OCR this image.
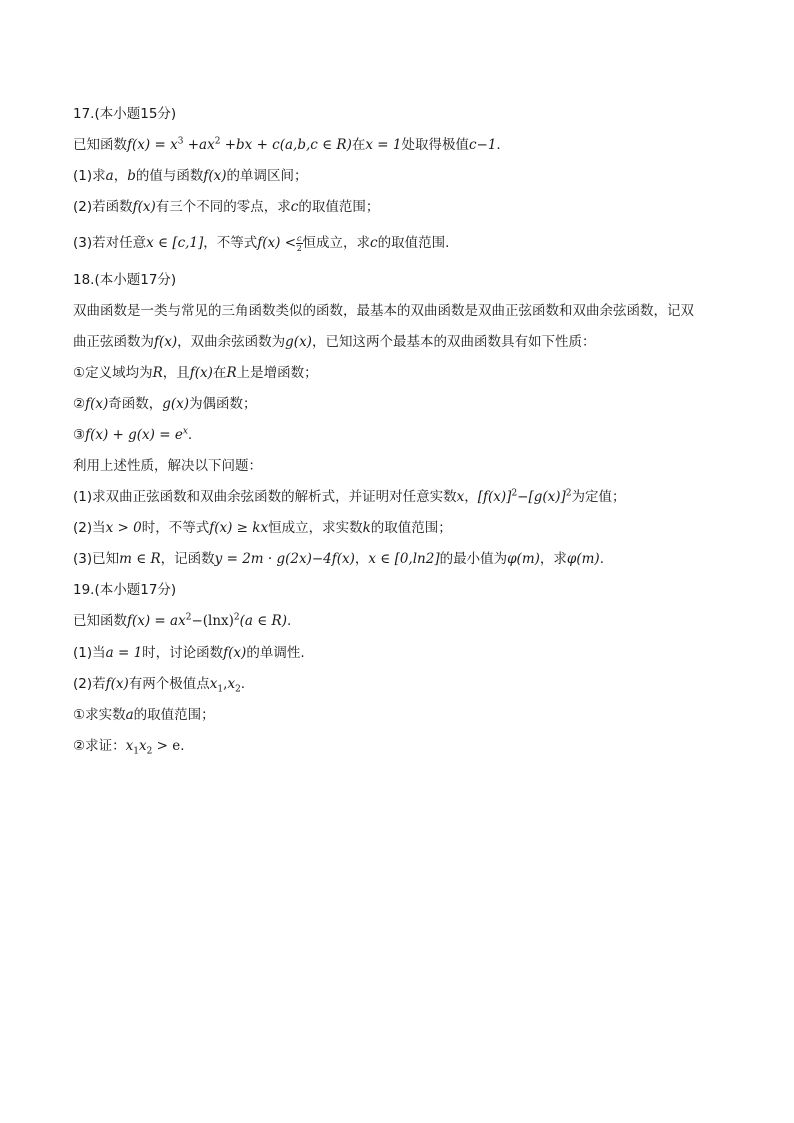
17.(本小题15分)
已知函数$f(x) = x^3 +ax^2 +bx + c(a,b,c$ ∈ R)在x = 1处取得极值c−1.
(1)求a，b的值与函数f(x)的单调区间；
(2)若函数f(x)有三个不同的零点，求c的取值范围；
(3)若对任意x ∈ [c,1]，不等式$f(x) < \frac{c}{2}$ 恒成立，求c的取值范围.
18.(本小题17分)
双曲函数是一类与常见的三角函数类似的函数，最基本的双曲函数是双曲正弦函数和双曲余弦函数，记双
曲正弦函数为f(x)，双曲余弦函数为g(x)，已知这两个最基本的双曲函数具有如下性质：
①定义域均为R，且f(x)在R上是增函数；
②f(x)奇函数，g(x)为偶函数；
③f(x) + $g(x) = e^x$.
利用上述性质，解决以下问题：
(1)求双曲正弦函数和双曲余弦函数的解析式，并证明对任意实数x，$[f(x)]^2-[g(x)]^2$为定值；
(2)当x > 0时，不等式f(x) ≥ kx恒成立，求实数k的取值范围；
(3)已知m ∈ R，记函数y = 2m · g(2x)−4f(x)，x ∈ [0,ln2]的最小值为φ(m)，求φ(m).
19.(本小题17分)
已知函数$f(x) = ax^2-(\ln x)^2(a$ ∈ R).
(1)当a = 1时，讨论函数f(x)的单调性.
(2)若f(x)有两个极值点$x_1,x_2$.
①求实数a的取值范围；
②求证：$x_1x_2 > e$.
